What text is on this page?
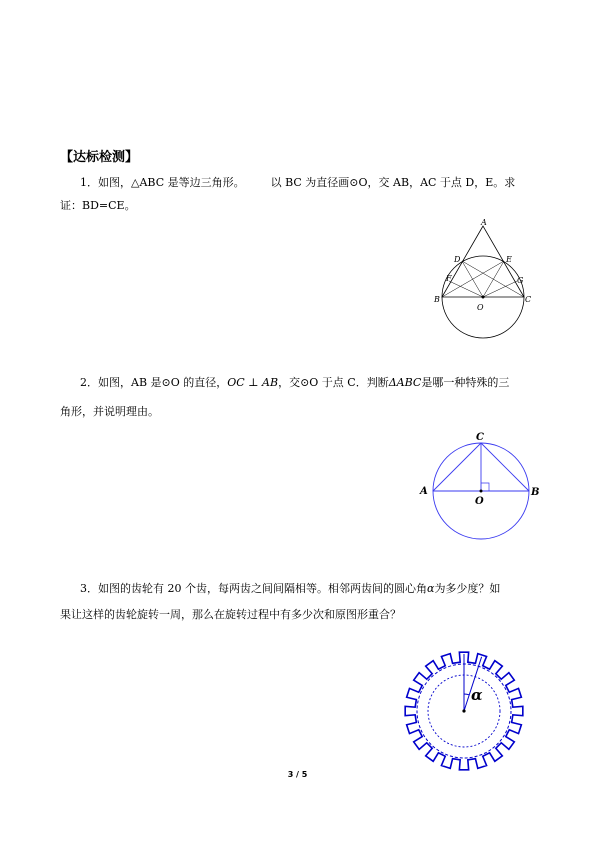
【达标检测】
1．如图，△ABC 是等边三角形。 以 BC 为直径画⊙O，交 AB，AC 于点 D，E。求
证：BD=CE。
A
D	E
F	G
B	C
O
2．如图，AB 是⊙O 的直径，OC ⊥ AB，交⊙O 于点 C．判断ΔABC是哪一种特殊的三
角形，并说明理由。
C
A	B
O
3．如图的齿轮有 20 个齿，每两齿之间间隔相等。相邻两齿间的圆心角α为多少度？如
果让这样的齿轮旋转一周，那么在旋转过程中有多少次和原图形重合？
α
3 / 5
